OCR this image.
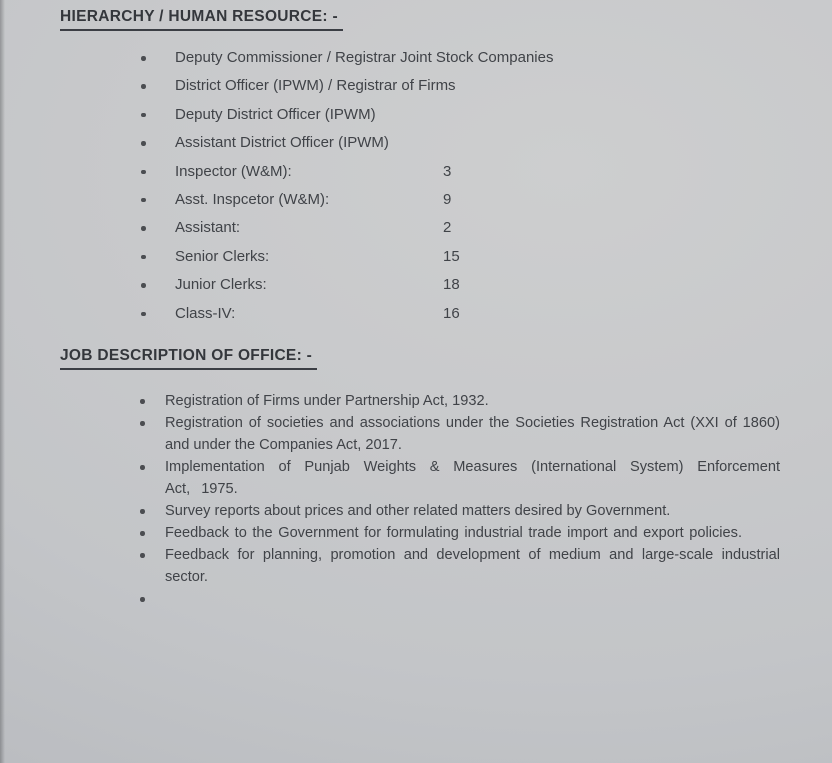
HIERARCHY / HUMAN RESOURCE: -
Deputy Commissioner / Registrar Joint Stock Companies
District Officer (IPWM) / Registrar of Firms
Deputy District Officer (IPWM)
Assistant District Officer (IPWM)
Inspector (W&M):	3
Asst. Inspcetor (W&M):	9
Assistant:	2
Senior Clerks:	15
Junior Clerks:	18
Class-IV:	16
JOB DESCRIPTION OF OFFICE: -
Registration of Firms under Partnership Act, 1932.
Registration of societies and associations under the Societies Registration Act (XXI of 1860) and under the Companies Act, 2017.
Implementation of Punjab Weights & Measures (International System) Enforcement Act, 1975.
Survey reports about prices and other related matters desired by Government.
Feedback to the Government for formulating industrial trade import and export policies.
Feedback for planning, promotion and development of medium and large-scale industrial sector.
